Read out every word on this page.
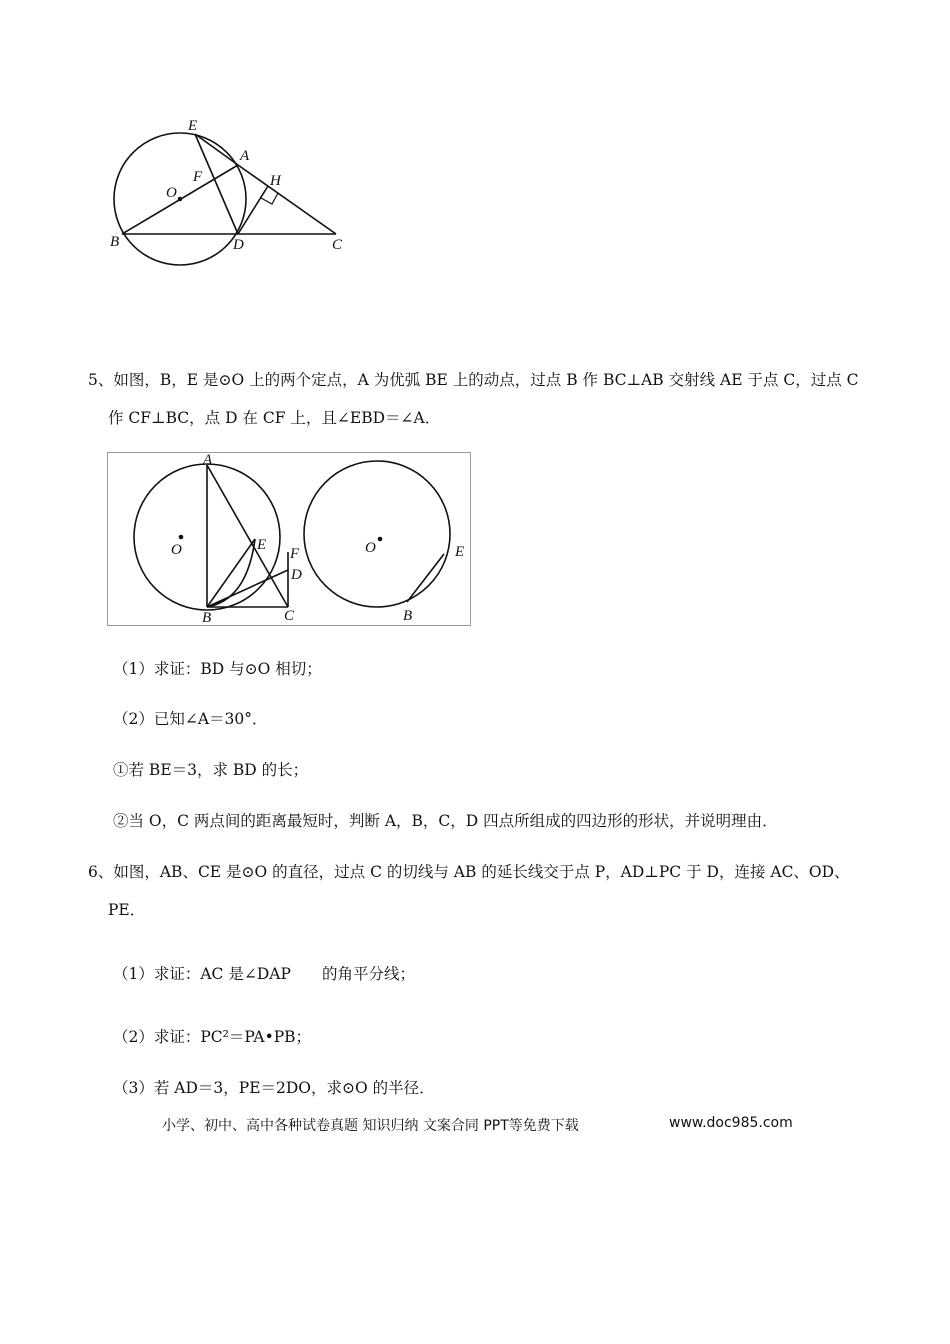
E
A
O
F	H
B	D	C
5、如图，B，E 是⊙O 上的两个定点，A 为优弧 BE 上的动点，过点 B 作 BC⊥AB 交射线 AE 于点 C，过点 C
作 CF⊥BC，点 D 在 CF 上，且∠EBD＝∠A．
A
O	E
F
D
B	C
O	E
B
（1）求证：BD 与⊙O 相切；
（2）已知∠A＝30°．
①若 BE＝3，求 BD 的长；
②当 O，C 两点间的距离最短时，判断 A，B，C，D 四点所组成的四边形的形状，并说明理由．
6、如图，AB、CE 是⊙O 的直径，过点 C 的切线与 AB 的延长线交于点 P，AD⊥PC 于 D，连接 AC、OD、
PE．
（1）求证：AC 是∠DAP 的角平分线；
（2）求证：PC²＝PA•PB；
（3）若 AD＝3，PE＝2DO，求⊙O 的半径．
小学、初中、高中各种试卷真题 知识归纳 文案合同 PPT等免费下载	www.doc985.com
